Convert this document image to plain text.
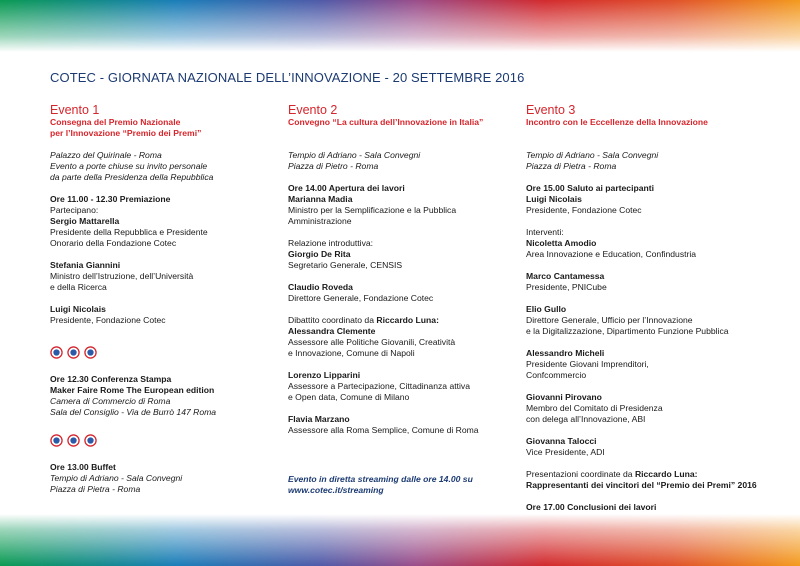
COTEC - GIORNATA NAZIONALE DELL’INNOVAZIONE - 20 SETTEMBRE 2016
Evento 1
Consegna del Premio Nazionale
per l’Innovazione “Premio dei Premi”
Palazzo del Quirinale - Roma
Evento a porte chiuse su invito personale
da parte della Presidenza della Repubblica
Ore 11.00 - 12.30 Premiazione
Partecipano:
Sergio Mattarella
Presidente della Repubblica e Presidente
Onorario della Fondazione Cotec
Stefania Giannini
Ministro dell’Istruzione, dell’Università
e della Ricerca
Luigi Nicolais
Presidente, Fondazione Cotec
Ore 12.30 Conferenza Stampa
Maker Faire Rome The European edition
Camera di Commercio di Roma
Sala del Consiglio - Via de Burrò 147 Roma
Ore 13.00 Buffet
Tempio di Adriano - Sala Convegni
Piazza di Pietra - Roma
Evento 2
Convegno “La cultura dell’Innovazione in Italia”
Tempio di Adriano - Sala Convegni
Piazza di Pietro - Roma
Ore 14.00 Apertura dei lavori
Marianna Madia
Ministro per la Semplificazione e la Pubblica
Amministrazione
Relazione introduttiva:
Giorgio De Rita
Segretario Generale, CENSIS
Claudio Roveda
Direttore Generale, Fondazione Cotec
Dibattito coordinato da Riccardo Luna:
Alessandra Clemente
Assessore alle Politiche Giovanili, Creatività
e Innovazione, Comune di Napoli
Lorenzo Lipparini
Assessore a Partecipazione, Cittadinanza attiva
e Open data, Comune di Milano
Flavia Marzano
Assessore alla Roma Semplice, Comune di Roma
Evento in diretta streaming dalle ore 14.00 su
www.cotec.it/streaming
Evento 3
Incontro con le Eccellenze della Innovazione
Tempio di Adriano - Sala Convegni
Piazza di Pietra - Roma
Ore 15.00 Saluto ai partecipanti
Luigi Nicolais
Presidente, Fondazione Cotec
Interventi:
Nicoletta Amodio
Area Innovazione e Education, Confindustria
Marco Cantamessa
Presidente, PNICube
Elio Gullo
Direttore Generale, Ufficio per l’Innovazione
e la Digitalizzazione, Dipartimento Funzione Pubblica
Alessandro Micheli
Presidente Giovani Imprenditori,
Confcommercio
Giovanni Pirovano
Membro del Comitato di Presidenza
con delega all’Innovazione, ABI
Giovanna Talocci
Vice Presidente, ADI
Presentazioni coordinate da Riccardo Luna:
Rappresentanti dei vincitori del “Premio dei Premi” 2016
Ore 17.00 Conclusioni dei lavori
